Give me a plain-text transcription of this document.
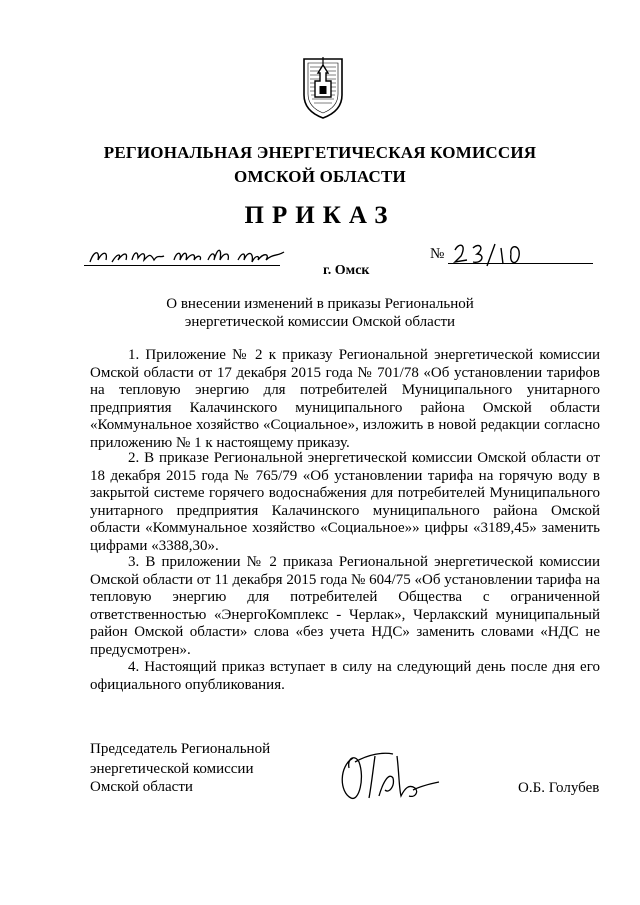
РЕГИОНАЛЬНАЯ ЭНЕРГЕТИЧЕСКАЯ КОМИССИЯ
ОМСКОЙ ОБЛАСТИ
ПРИКАЗ
№
г. Омск
О внесении изменений в приказы Региональной
энергетической комиссии Омской области

1. Приложение № 2 к приказу Региональной энергетической комиссии Омской области от 17 декабря 2015 года № 701/78 «Об установлении тарифов на тепловую энергию для потребителей Муниципального унитарного предприятия Калачинского муниципального района Омской области «Коммунальное хозяйство «Социальное», изложить в новой редакции согласно приложению № 1 к настоящему приказу.

2. В приказе Региональной энергетической комиссии Омской области от 18 декабря 2015 года № 765/79 «Об установлении тарифа на горячую воду в закрытой системе горячего водоснабжения для потребителей Муниципального унитарного предприятия Калачинского муниципального района Омской области «Коммунальное хозяйство «Социальное»» цифры «3189,45» заменить цифрами «3388,30».

3. В приложении № 2 приказа Региональной энергетической комиссии Омской области от 11 декабря 2015 года № 604/75 «Об установлении тарифа на тепловую энергию для потребителей Общества с ограниченной ответственностью «ЭнергоКомплекс - Черлак», Черлакский муниципальный район Омской области» слова «без учета НДС» заменить словами «НДС не предусмотрен».

4. Настоящий приказ вступает в силу на следующий день после дня его официального опубликования.

Председатель Региональной
энергетической комиссии
Омской области	О.Б. Голубев
